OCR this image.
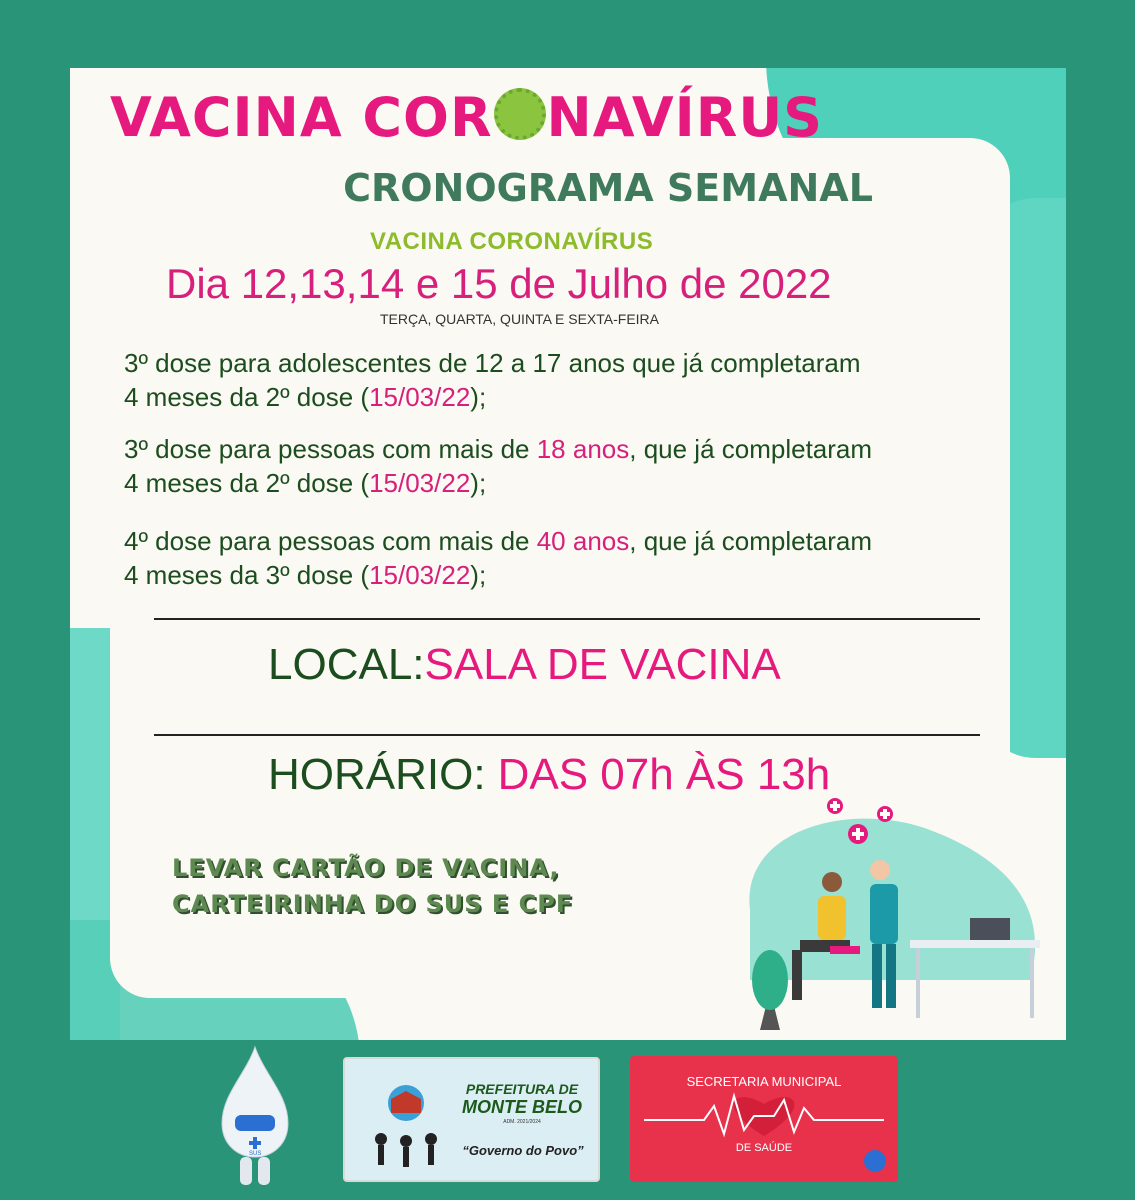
VACINA COR NAVÍRUS
CRONOGRAMA SEMANAL
VACINA CORONAVÍRUS
Dia 12,13,14 e 15 de Julho de 2022
TERÇA, QUARTA, QUINTA E SEXTA-FEIRA
3º dose para adolescentes de 12 a 17 anos que já completaram
4 meses da 2º dose (15/03/22);
3º dose para pessoas com mais de 18 anos, que já completaram
4 meses da 2º dose (15/03/22);
4º dose para pessoas com mais de 40 anos, que já completaram
4 meses da 3º dose (15/03/22);
LOCAL:SALA DE VACINA
HORÁRIO: DAS 07h ÀS 13h
LEVAR CARTÃO DE VACINA,
CARTEIRINHA DO SUS E CPF
SUS
PREFEITURA DE
MONTE BELO
ADM. 2021/2024
“Governo do Povo”
SECRETARIA MUNICIPAL
DE SAÚDE
